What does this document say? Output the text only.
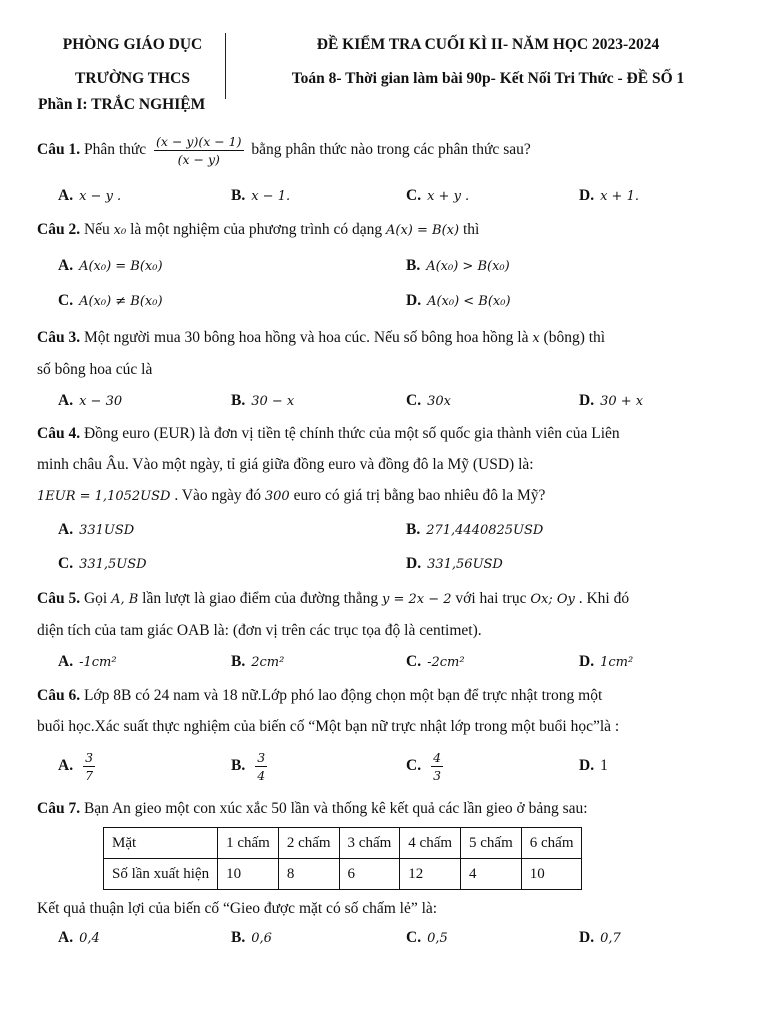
PHÒNG GIÁO DỤC
TRƯỜNG THCS
ĐỀ KIỂM TRA CUỐI KÌ II- NĂM HỌC 2023-2024
Toán 8- Thời gian làm bài 90p- Kết Nối Tri Thức - ĐỀ SỐ 1
Phần I: TRẮC NGHIỆM
Câu 1. Phân thức $\frac{(x - y)(x - 1)}{(x - y)}$ bằng phân thức nào trong các phân thức sau?
A. x − y .	B. x − 1.	C. x + y .	D. x + 1.
Câu 2. Nếu x₀ là một nghiệm của phương trình có dạng A(x) = B(x) thì
A. A(x₀) = B(x₀)	B. A(x₀) > B(x₀)
C. A(x₀) ≠ B(x₀)	D. A(x₀) < B(x₀)
Câu 3. Một người mua 30 bông hoa hồng và hoa cúc. Nếu số bông hoa hồng là x (bông) thì
số bông hoa cúc là
A. x − 30	B. 30 − x	C. 30x	D. 30 + x
Câu 4. Đồng euro (EUR) là đơn vị tiền tệ chính thức của một số quốc gia thành viên của Liên
minh châu Âu. Vào một ngày, tỉ giá giữa đồng euro và đồng đô la Mỹ (USD) là:
1EUR = 1,1052USD . Vào ngày đó 300 euro có giá trị bằng bao nhiêu đô la Mỹ?
A. 331USD	B. 271,4440825USD
C. 331,5USD	D. 331,56USD
Câu 5. Gọi A, B lần lượt là giao điểm của đường thẳng y = 2x − 2 với hai trục Ox; Oy . Khi đó
diện tích của tam giác OAB là: (đơn vị trên các trục tọa độ là centimet).
A. -1cm²	B. 2cm²	C. -2cm²	D. 1cm²
Câu 6. Lớp 8B có 24 nam và 18 nữ.Lớp phó lao động chọn một bạn để trực nhật trong một
buổi học.Xác suất thực nghiệm của biến cố “Một bạn nữ trực nhật lớp trong một buổi học”là :
A. $\frac{3}{7}$	B. $\frac{3}{4}$	C. $\frac{4}{3}$	D. 1
Câu 7. Bạn An gieo một con xúc xắc 50 lần và thống kê kết quả các lần gieo ở bảng sau:
Mặt	1 chấm	2 chấm	3 chấm	4 chấm	5 chấm	6 chấm
Số lần xuất hiện	10	8	6	12	4	10
Kết quả thuận lợi của biến cố “Gieo được mặt có số chấm lẻ” là:
A. 0,4	B. 0,6	C. 0,5	D. 0,7
